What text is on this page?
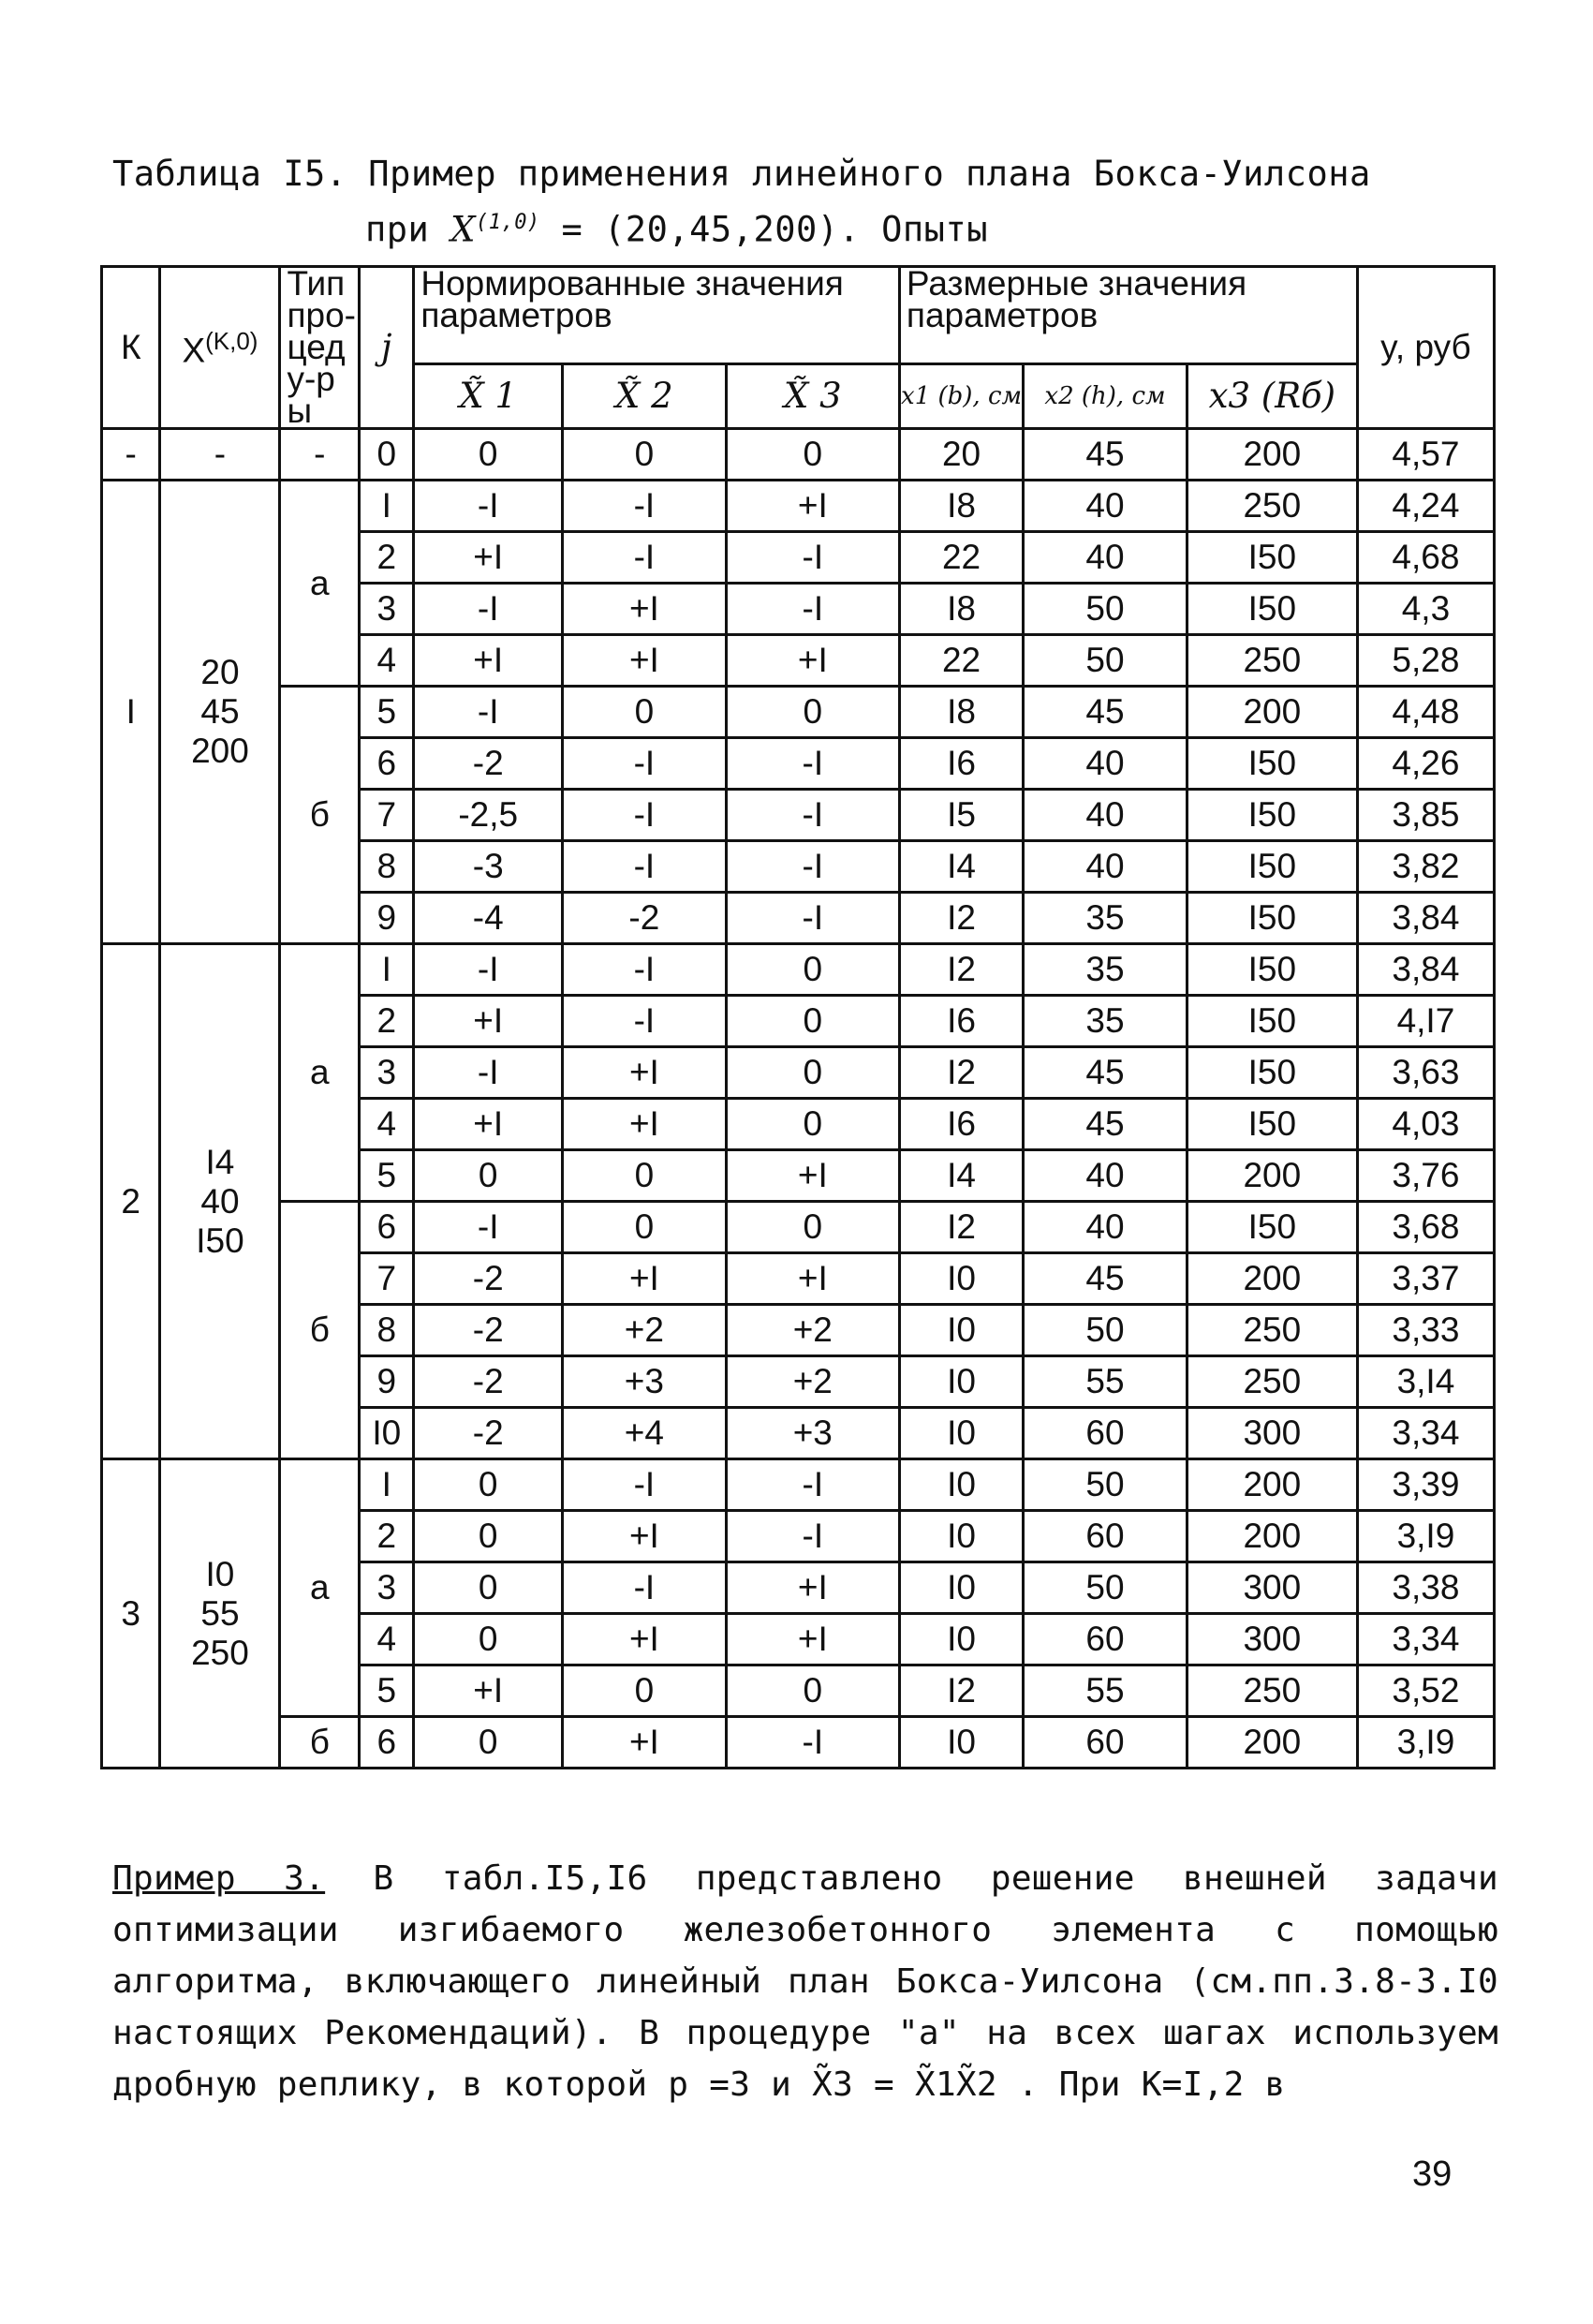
Таблица I5. Пример применения линейного плана Бокса-Уилсона
при X$^{(1,0)}$ = (20,45,200). Опыты
К	$X^{(K,0)}$	Тип про-цеду-ры	j	Нормированные значения параметров			Размерные значения параметров			y, руб
				X̃ 1	X̃ 2	X̃ 3	x1 (b), см	x2 (h), см	x3 (Rб)	
-	-	-	0	0	0	0	20	45	200	4,57
I	20
45
200	а	I	-I	-I	+I	I8	40	250	4,24
			2	+I	-I	-I	22	40	I50	4,68
			3	-I	+I	-I	I8	50	I50	4,3
			4	+I	+I	+I	22	50	250	5,28
		б	5	-I	0	0	I8	45	200	4,48
			6	-2	-I	-I	I6	40	I50	4,26
			7	-2,5	-I	-I	I5	40	I50	3,85
			8	-3	-I	-I	I4	40	I50	3,82
			9	-4	-2	-I	I2	35	I50	3,84
2	I4
40
I50	а	I	-I	-I	0	I2	35	I50	3,84
			2	+I	-I	0	I6	35	I50	4,I7
			3	-I	+I	0	I2	45	I50	3,63
			4	+I	+I	0	I6	45	I50	4,03
			5	0	0	+I	I4	40	200	3,76
		б	6	-I	0	0	I2	40	I50	3,68
			7	-2	+I	+I	I0	45	200	3,37
			8	-2	+2	+2	I0	50	250	3,33
			9	-2	+3	+2	I0	55	250	3,I4
			I0	-2	+4	+3	I0	60	300	3,34
3	I0
55
250	а	I	0	-I	-I	I0	50	200	3,39
			2	0	+I	-I	I0	60	200	3,I9
			3	0	-I	+I	I0	50	300	3,38
			4	0	+I	+I	I0	60	300	3,34
			5	+I	0	0	I2	55	250	3,52
		б	6	0	+I	-I	I0	60	200	3,I9
Пример 3. В табл.I5,I6 представлено решение внешней задачи оптимизации изгибаемого железобетонного элемента с помощью алгоритма, включающего линейный план Бокса-Уилсона (см.пп.3.8-3.I0 настоящих Рекомендаций). В процедуре "а" на всех шагах используем дробную реплику, в которой р =3 и X̃3 = X̃1X̃2 . При К=I,2 в
39
